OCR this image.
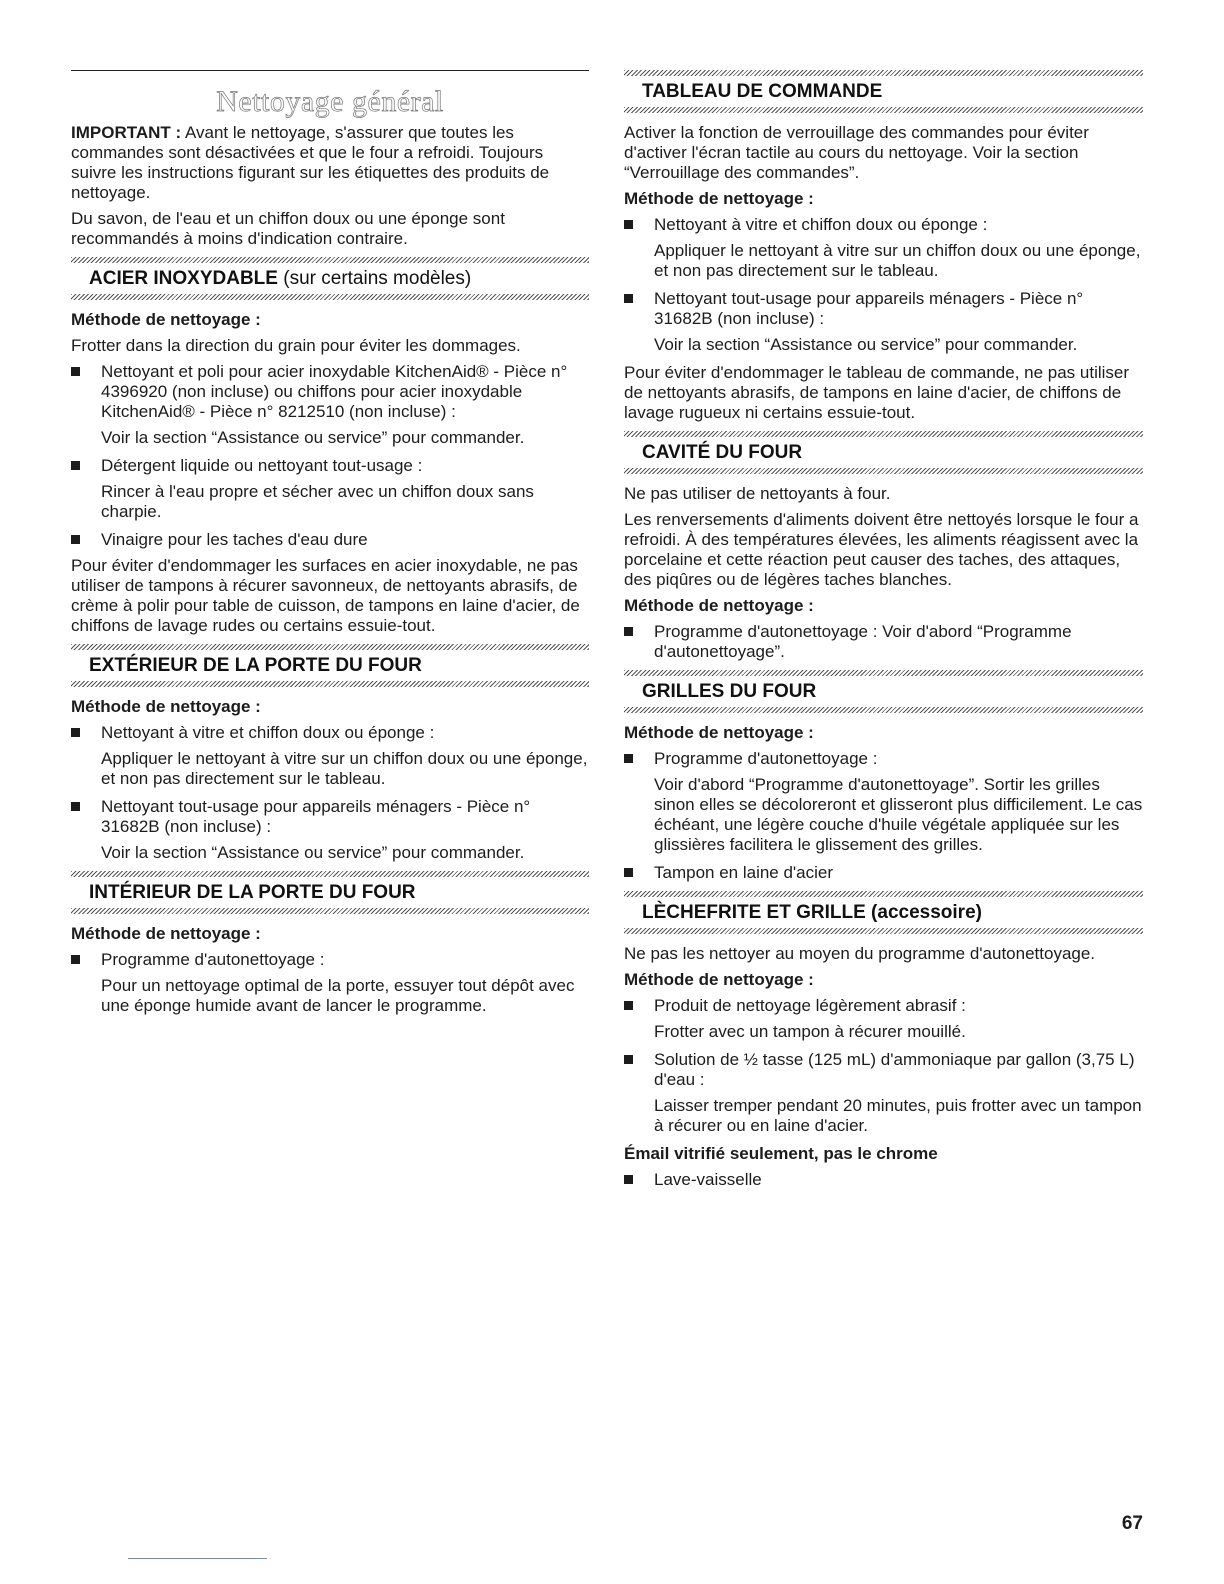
Nettoyage général

IMPORTANT : Avant le nettoyage, s'assurer que toutes les commandes sont désactivées et que le four a refroidi. Toujours suivre les instructions figurant sur les étiquettes des produits de nettoyage.

Du savon, de l'eau et un chiffon doux ou une éponge sont recommandés à moins d'indication contraire.

ACIER INOXYDABLE (sur certains modèles)

Méthode de nettoyage :

Frotter dans la direction du grain pour éviter les dommages.

Nettoyant et poli pour acier inoxydable KitchenAid® - Pièce n° 4396920 (non incluse) ou chiffons pour acier inoxydable KitchenAid® - Pièce n° 8212510 (non incluse) :

Voir la section “Assistance ou service” pour commander.

Détergent liquide ou nettoyant tout-usage :

Rincer à l'eau propre et sécher avec un chiffon doux sans charpie.

Vinaigre pour les taches d'eau dure

Pour éviter d'endommager les surfaces en acier inoxydable, ne pas utiliser de tampons à récurer savonneux, de nettoyants abrasifs, de crème à polir pour table de cuisson, de tampons en laine d'acier, de chiffons de lavage rudes ou certains essuie-tout.

EXTÉRIEUR DE LA PORTE DU FOUR

Méthode de nettoyage :

Nettoyant à vitre et chiffon doux ou éponge :

Appliquer le nettoyant à vitre sur un chiffon doux ou une éponge, et non pas directement sur le tableau.

Nettoyant tout-usage pour appareils ménagers - Pièce n° 31682B (non incluse) :

Voir la section “Assistance ou service” pour commander.

INTÉRIEUR DE LA PORTE DU FOUR

Méthode de nettoyage :

Programme d'autonettoyage :

Pour un nettoyage optimal de la porte, essuyer tout dépôt avec une éponge humide avant de lancer le programme.

TABLEAU DE COMMANDE

Activer la fonction de verrouillage des commandes pour éviter d'activer l'écran tactile au cours du nettoyage. Voir la section “Verrouillage des commandes”.

Méthode de nettoyage :

Nettoyant à vitre et chiffon doux ou éponge :

Appliquer le nettoyant à vitre sur un chiffon doux ou une éponge, et non pas directement sur le tableau.

Nettoyant tout-usage pour appareils ménagers - Pièce n° 31682B (non incluse) :

Voir la section “Assistance ou service” pour commander.

Pour éviter d'endommager le tableau de commande, ne pas utiliser de nettoyants abrasifs, de tampons en laine d'acier, de chiffons de lavage rugueux ni certains essuie-tout.

CAVITÉ DU FOUR

Ne pas utiliser de nettoyants à four.

Les renversements d'aliments doivent être nettoyés lorsque le four a refroidi. À des températures élevées, les aliments réagissent avec la porcelaine et cette réaction peut causer des taches, des attaques, des piqûres ou de légères taches blanches.

Méthode de nettoyage :

Programme d'autonettoyage : Voir d'abord “Programme d'autonettoyage”.
GRILLES DU FOUR

Méthode de nettoyage :

Programme d'autonettoyage :

Voir d'abord “Programme d'autonettoyage”. Sortir les grilles sinon elles se décoloreront et glisseront plus difficilement. Le cas échéant, une légère couche d'huile végétale appliquée sur les glissières facilitera le glissement des grilles.

Tampon en laine d'acier
LÈCHEFRITE ET GRILLE (accessoire)

Ne pas les nettoyer au moyen du programme d'autonettoyage.

Méthode de nettoyage :

Produit de nettoyage légèrement abrasif :

Frotter avec un tampon à récurer mouillé.

Solution de ½ tasse (125 mL) d'ammoniaque par gallon (3,75 L) d'eau :

Laisser tremper pendant 20 minutes, puis frotter avec un tampon à récurer ou en laine d'acier.

Émail vitrifié seulement, pas le chrome

Lave-vaisselle
67
